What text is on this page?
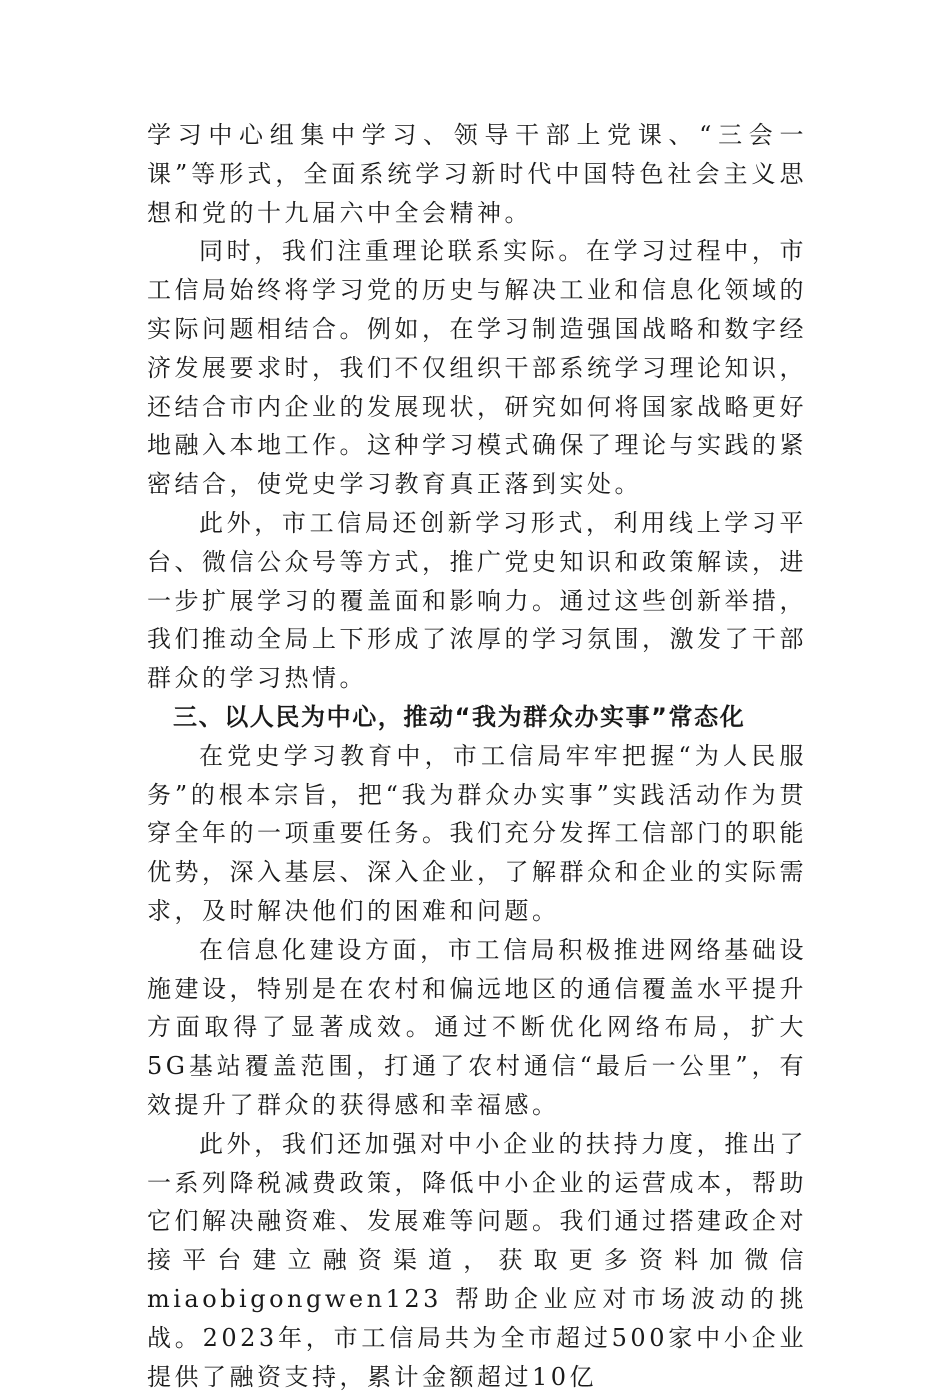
学习中心组集中学习、领导干部上党课、“三会一课”等形式，全面系统学习新时代中国特色社会主义思想和党的十九届六中全会精神。

同时，我们注重理论联系实际。在学习过程中，市工信局始终将学习党的历史与解决工业和信息化领域的实际问题相结合。例如，在学习制造强国战略和数字经济发展要求时，我们不仅组织干部系统学习理论知识，还结合市内企业的发展现状，研究如何将国家战略更好地融入本地工作。这种学习模式确保了理论与实践的紧密结合，使党史学习教育真正落到实处。

此外，市工信局还创新学习形式，利用线上学习平台、微信公众号等方式，推广党史知识和政策解读，进一步扩展学习的覆盖面和影响力。通过这些创新举措，我们推动全局上下形成了浓厚的学习氛围，激发了干部群众的学习热情。

三、以人民为中心，推动“我为群众办实事”常态化

在党史学习教育中，市工信局牢牢把握“为人民服务”的根本宗旨，把“我为群众办实事”实践活动作为贯穿全年的一项重要任务。我们充分发挥工信部门的职能优势，深入基层、深入企业，了解群众和企业的实际需求，及时解决他们的困难和问题。

在信息化建设方面，市工信局积极推进网络基础设施建设，特别是在农村和偏远地区的通信覆盖水平提升方面取得了显著成效。通过不断优化网络布局，扩大5G基站覆盖范围，打通了农村通信“最后一公里”，有效提升了群众的获得感和幸福感。

此外，我们还加强对中小企业的扶持力度，推出了一系列降税减费政策，降低中小企业的运营成本，帮助它们解决融资难、发展难等问题。我们通过搭建政企对接平台建立融资渠道，获取更多资料加微信 miaobigongwen123 帮助企业应对市场波动的挑战。2023年，市工信局共为全市超过500家中小企业提供了融资支持，累计金额超过10亿
